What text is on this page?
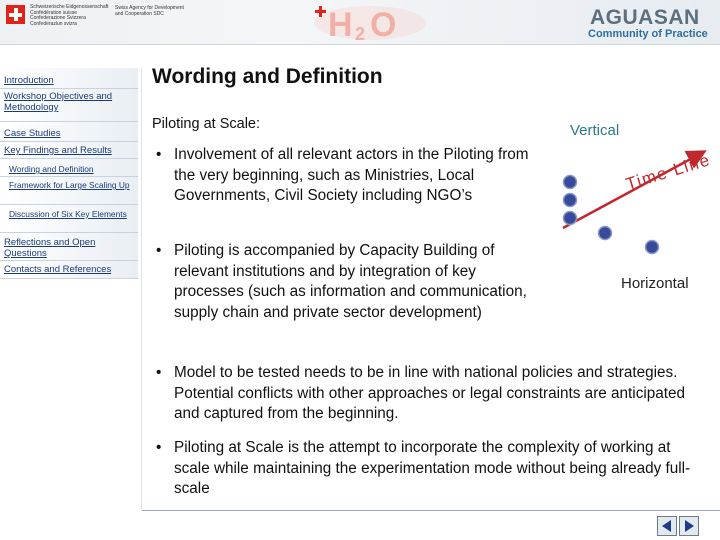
Schweizerische Eidgenossenschaft
Confédération suisse
Confederazione Svizzera
Confederaziun svizra
Swiss Agency for Development
and Cooperation SDC	H 2 O	AGUASAN
Community of Practice
Introduction
Workshop Objectives and Methodology
Case Studies
Key Findings and Results
Wording and Definition
Framework for Large Scaling Up
Discussion of Six Key Elements
Reflections and Open Questions
Contacts and References
Wording and Definition
Piloting at Scale:
• Involvement of all relevant actors in the Piloting from the very beginning, such as Ministries, Local Governments, Civil Society including NGO’s
• Piloting is accompanied by Capacity Building of relevant institutions and by integration of key processes (such as information and communication, supply chain and private sector development)
• Model to be tested needs to be in line with national policies and strategies. Potential conflicts with other approaches or legal constraints are anticipated and captured from the beginning.
• Piloting at Scale is the attempt to incorporate the complexity of working at scale while maintaining the experimentation mode without being already full-scale
Vertical
Time Line
Horizontal
